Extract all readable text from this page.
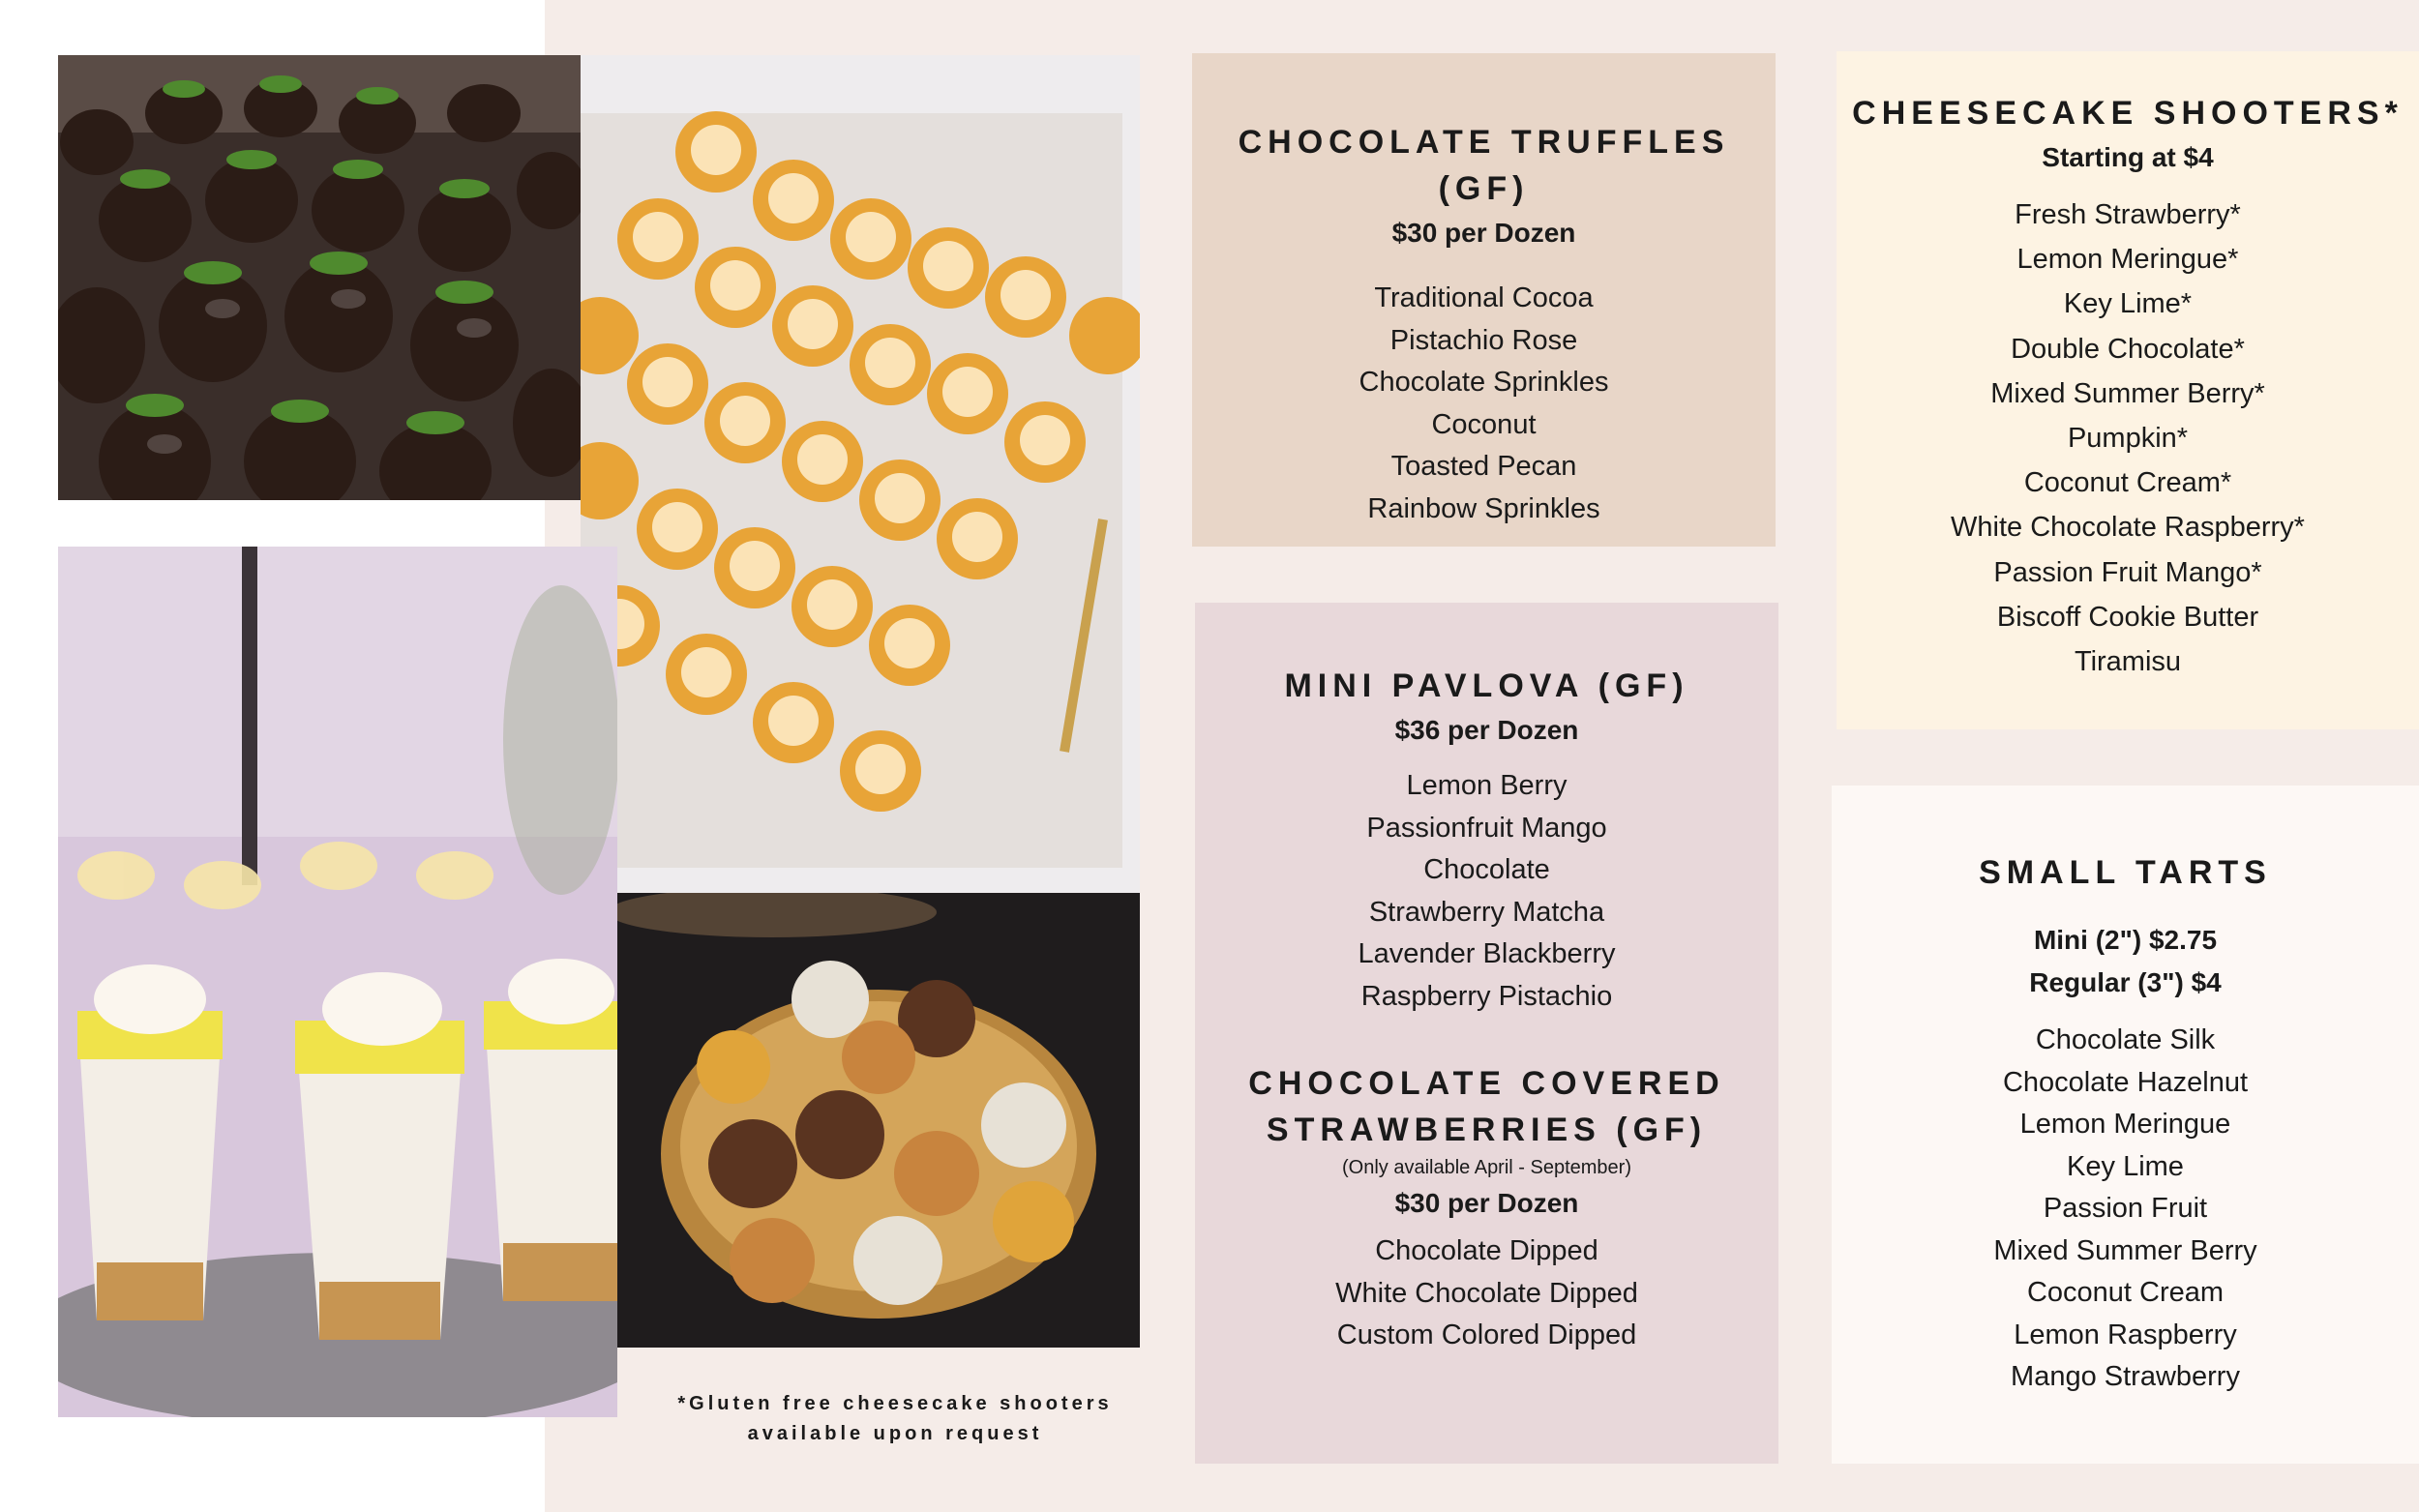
*Gluten free cheesecake shooters
available upon request
CHOCOLATE TRUFFLES (GF)
$30 per Dozen
Traditional Cocoa
Pistachio Rose
Chocolate Sprinkles
Coconut
Toasted Pecan
Rainbow Sprinkles
CHEESECAKE SHOOTERS*
Starting at $4
Fresh Strawberry*
Lemon Meringue*
Key Lime*
Double Chocolate*
Mixed Summer Berry*
Pumpkin*
Coconut Cream*
White Chocolate Raspberry*
Passion Fruit Mango*
Biscoff Cookie Butter
Tiramisu
MINI PAVLOVA (GF)
$36 per Dozen
Lemon Berry
Passionfruit Mango
Chocolate
Strawberry Matcha
Lavender Blackberry
Raspberry Pistachio
CHOCOLATE COVERED
STRAWBERRIES (GF)
(Only available April - September)
$30 per Dozen
Chocolate Dipped
White Chocolate Dipped
Custom Colored Dipped
SMALL TARTS
Mini (2") $2.75
Regular (3") $4
Chocolate Silk
Chocolate Hazelnut
Lemon Meringue
Key Lime
Passion Fruit
Mixed Summer Berry
Coconut Cream
Lemon Raspberry
Mango Strawberry
